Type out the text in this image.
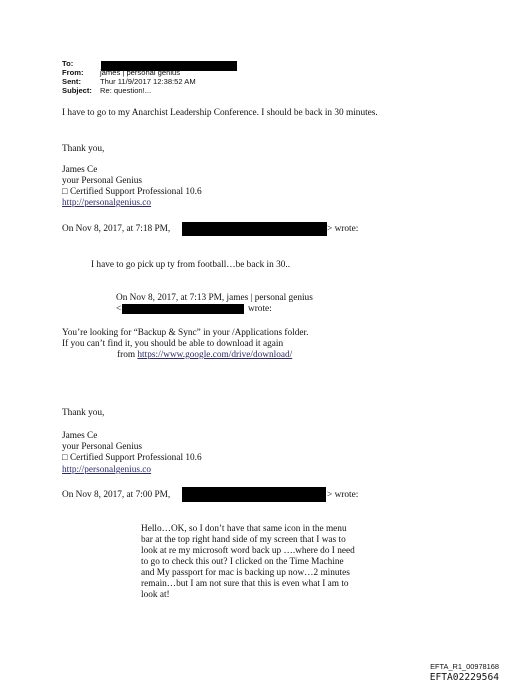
To:
From: james | personal genius
Sent:	Thur 11/9/2017 12:38:52 AM
Subject: Re: question!...
I have to go to my Anarchist Leadership Conference. I should be back in 30 minutes.
Thank you,
James Ce
your Personal Genius
□ Certified Support Professional 10.6
http://personalgenius.co
On Nov 8, 2017, at 7:18 PM,	> wrote:
I have to go pick up ty from football…be back in 30..
On Nov 8, 2017, at 7:13 PM, james | personal genius
<	wrote:
You’re looking for “Backup & Sync” in your /Applications folder.
If you can’t find it, you should be able to download it again
from https://www.google.com/drive/download/
Thank you,
James Ce
your Personal Genius
□ Certified Support Professional 10.6
http://personalgenius.co
On Nov 8, 2017, at 7:00 PM,	> wrote:
Hello…OK, so I don’t have that same icon in the menu
bar at the top right hand side of my screen that I was to
look at re my microsoft word back up ….where do I need
to go to check this out? I clicked on the Time Machine
and My passport for mac is backing up now…2 minutes
remain…but I am not sure that this is even what I am to
look at!
EFTA_R1_00978168
EFTA02229564
